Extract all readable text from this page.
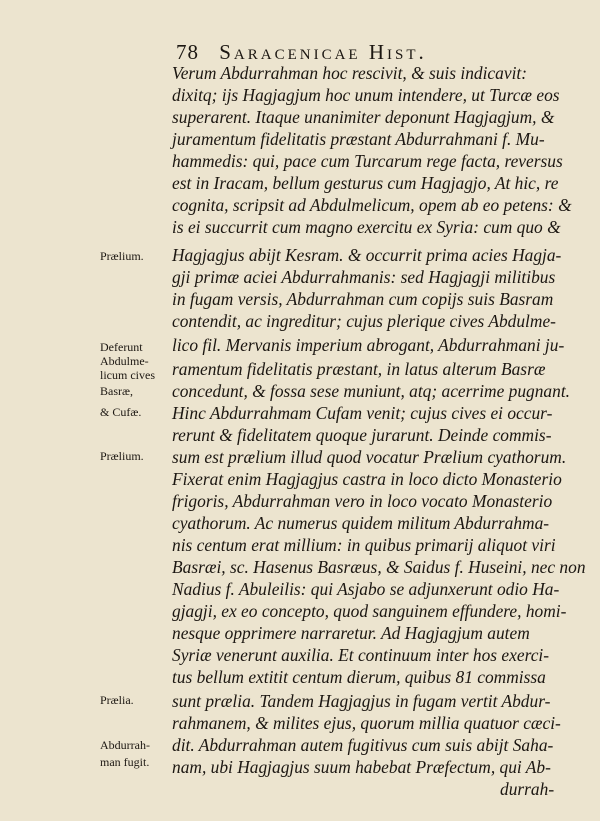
78 Saracenicae Hist.
Verum Abdurrahman hoc rescivit, & suis indicavit:
dixitq; ijs Hagjagjum hoc unum intendere, ut Turcæ eos
superarent. Itaque unanimiter deponunt Hagjagjum, &
juramentum fidelitatis præstant Abdurrahmani f. Mu-
hammedis: qui, pace cum Turcarum rege facta, reversus
est in Iracam, bellum gesturus cum Hagjagjo, At hic, re
cognita, scripsit ad Abdulmelicum, opem ab eo petens: &
is ei succurrit cum magno exercitu ex Syria: cum quo &
Hagjagjus abijt Kesram. & occurrit prima acies Hagja-
gji primæ aciei Abdurrahmanis: sed Hagjagji militibus
in fugam versis, Abdurrahman cum copijs suis Basram
contendit, ac ingreditur; cujus plerique cives Abdulme-
lico fil. Mervanis imperium abrogant, Abdurrahmani ju-
ramentum fidelitatis præstant, in latus alterum Basræ
concedunt, & fossa sese muniunt, atq; acerrime pugnant.
Hinc Abdurrahmam Cufam venit; cujus cives ei occur-
rerunt & fidelitatem quoque jurarunt. Deinde commis-
sum est prælium illud quod vocatur Prælium cyathorum.
Fixerat enim Hagjagjus castra in loco dicto Monasterio
frigoris, Abdurrahman vero in loco vocato Monasterio
cyathorum. Ac numerus quidem militum Abdurrahma-
nis centum erat millium: in quibus primarij aliquot viri
Basræi, sc. Hasenus Basræus, & Saidus f. Huseini, nec non
Nadius f. Abuleilis: qui Asjabo se adjunxerunt odio Ha-
gjagji, ex eo concepto, quod sanguinem effundere, homi-
nesque opprimere narraretur. Ad Hagjagjum autem
Syriæ venerunt auxilia. Et continuum inter hos exerci-
tus bellum extitit centum dierum, quibus 81 commissa
sunt prælia. Tandem Hagjagjus in fugam vertit Abdur-
rahmanem, & milites ejus, quorum millia quatuor cæci-
dit. Abdurrahman autem fugitivus cum suis abijt Saha-
nam, ubi Hagjagjus suum habebat Præfectum, qui Ab-
durrah-
Prælium.
Deferunt
Abdulme-
licum cives
Basræ,
& Cufæ.
Prælium.
Prælia.
Abdurrah-
man fugit.
